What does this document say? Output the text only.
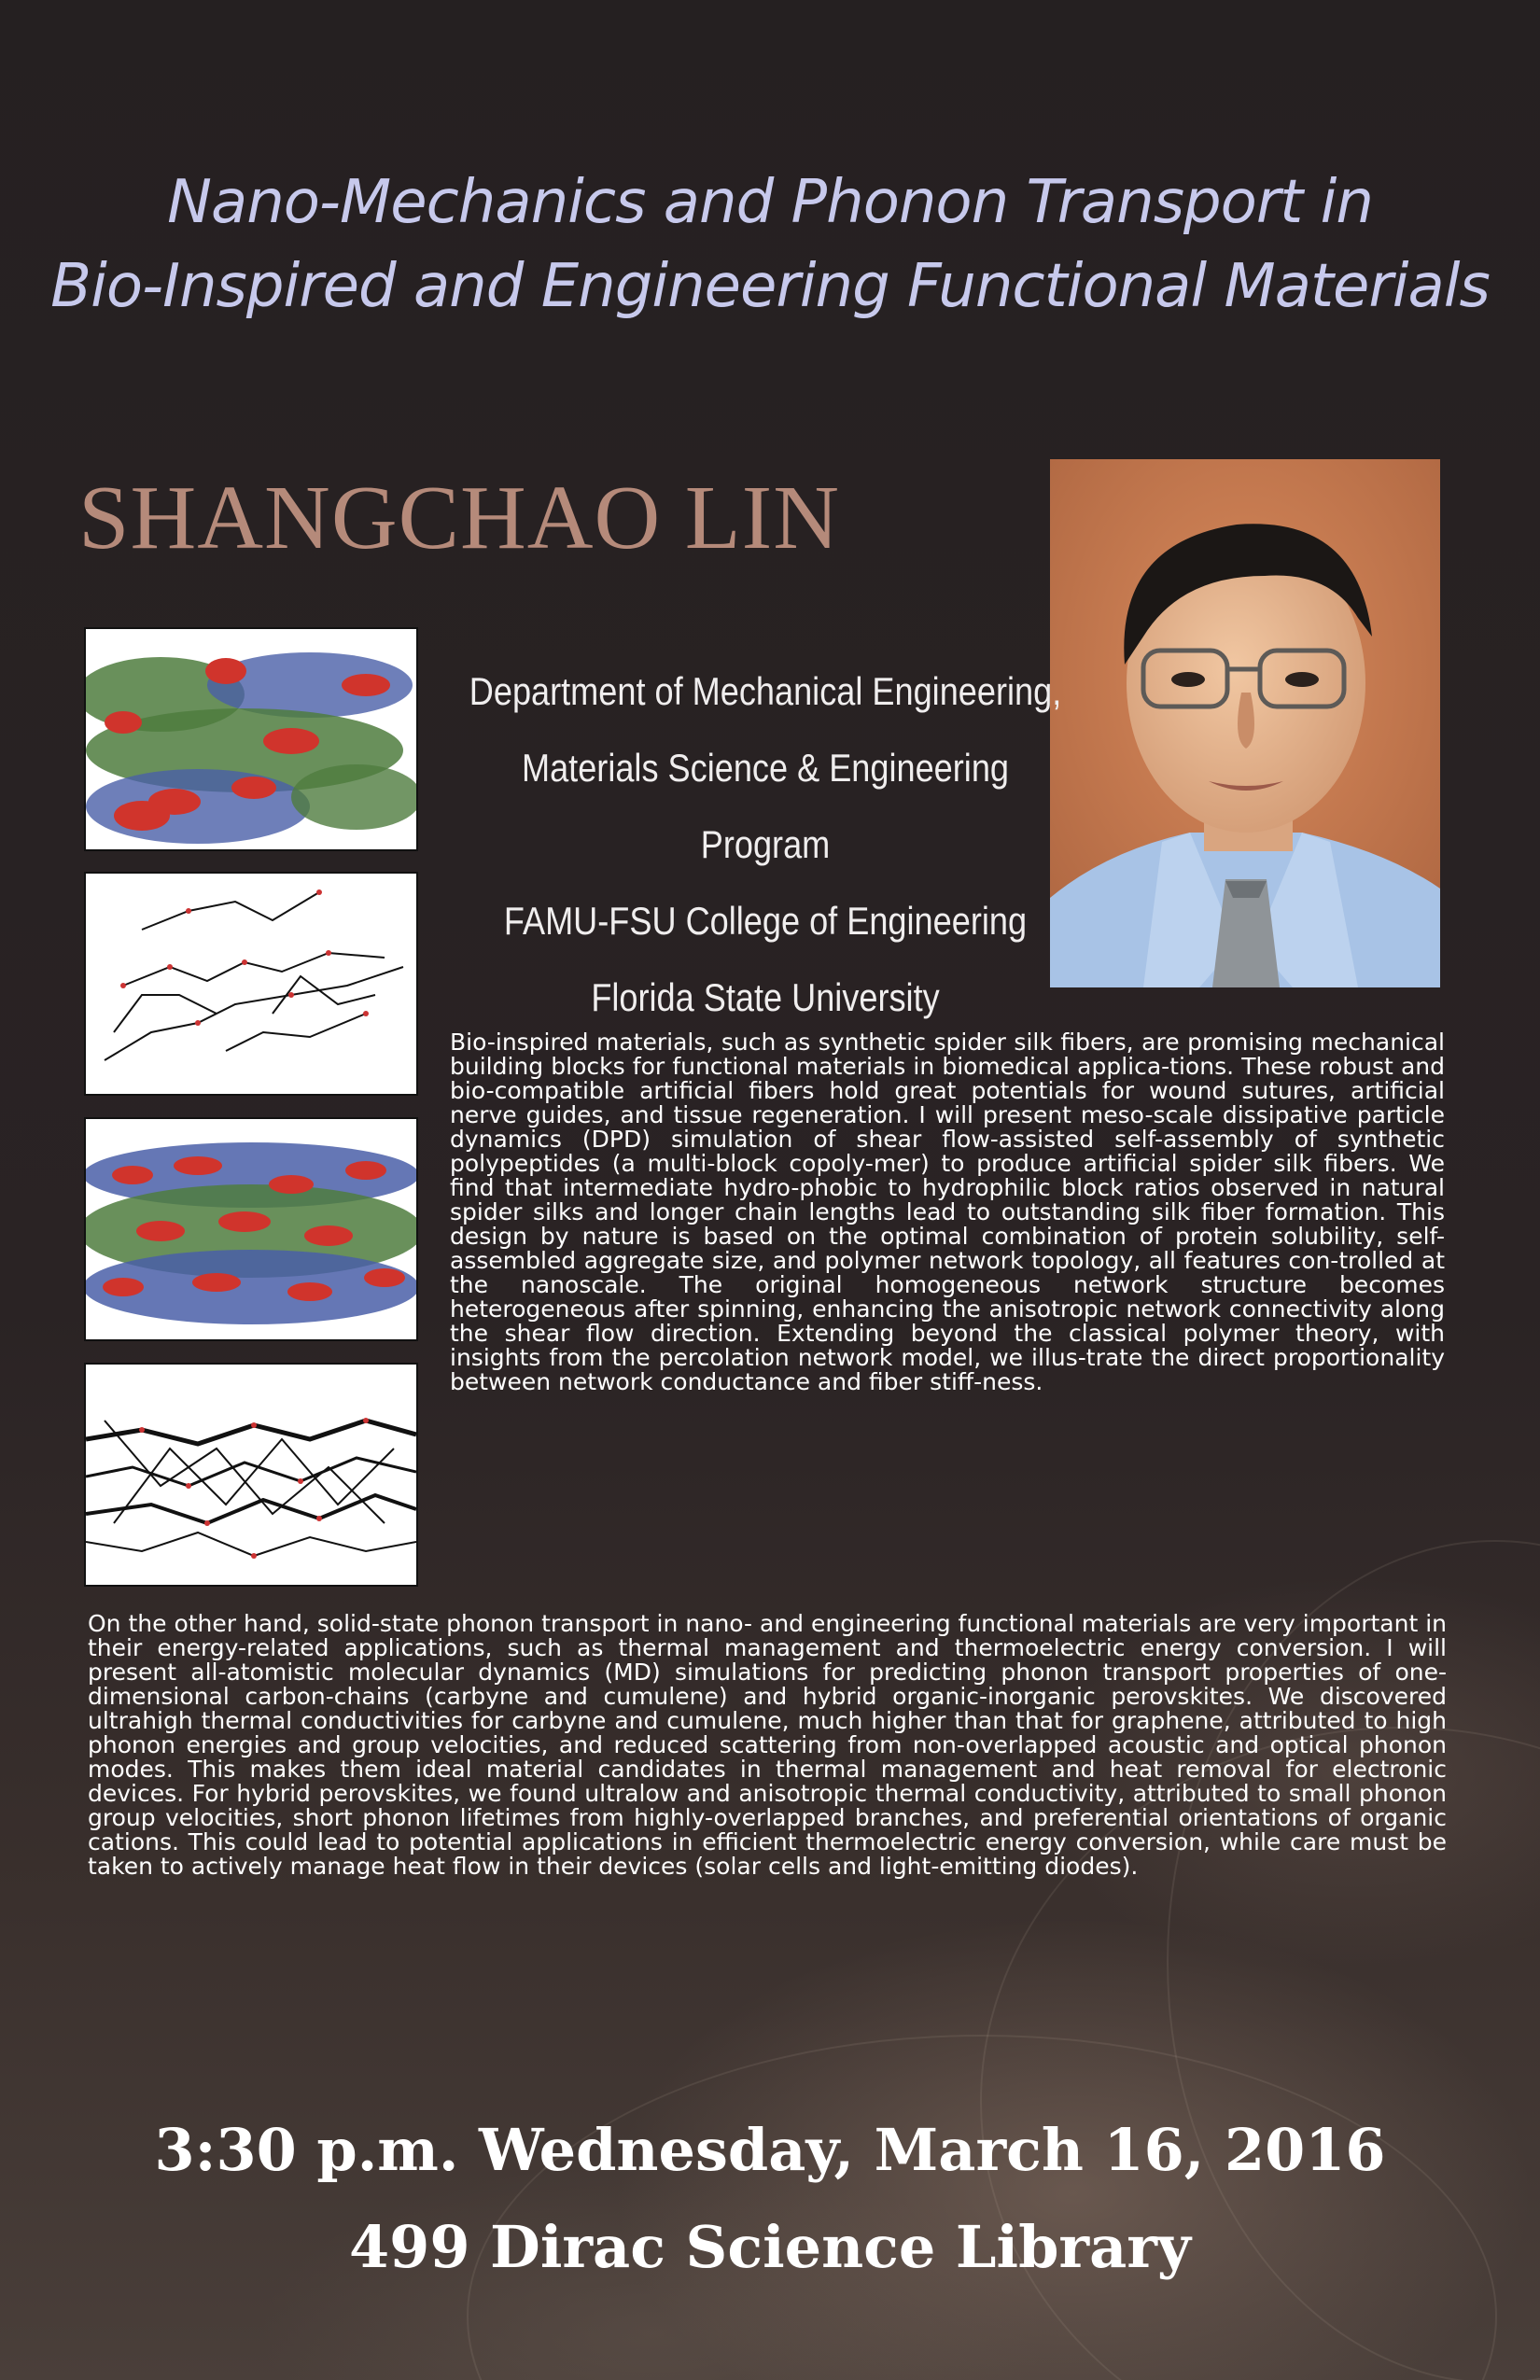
Nano-Mechanics and Phonon Transport in
Bio-Inspired and Engineering Functional Materials
SHANGCHAO LIN
Department of Mechanical Engineering,
Materials Science & Engineering Program
FAMU-FSU College of Engineering
Florida State University
Bio-inspired materials, such as synthetic spider silk fibers, are promising mechanical building blocks for functional materials in biomedical applica-tions. These robust and bio-compatible artificial fibers hold great potentials for wound sutures, artificial nerve guides, and tissue regeneration. I will present meso-scale dissipative particle dynamics (DPD) simulation of shear flow-assisted self-assembly of synthetic polypeptides (a multi-block copoly-mer) to produce artificial spider silk fibers. We find that intermediate hydro-phobic to hydrophilic block ratios observed in natural spider silks and longer chain lengths lead to outstanding silk fiber formation. This design by nature is based on the optimal combination of protein solubility, self-assembled aggregate size, and polymer network topology, all features con-trolled at the nanoscale. The original homogeneous network structure becomes heterogeneous after spinning, enhancing the anisotropic network connectivity along the shear flow direction. Extending beyond the classical polymer theory, with insights from the percolation network model, we illus-trate the direct proportionality between network conductance and fiber stiff-ness.
On the other hand, solid-state phonon transport in nano- and engineering functional materials are very important in their energy-related applications, such as thermal management and thermoelectric energy conversion. I will present all-atomistic molecular dynamics (MD) simulations for predicting phonon transport properties of one-dimensional carbon-chains (carbyne and cumulene) and hybrid organic-inorganic perovskites. We discovered ultrahigh thermal conductivities for carbyne and cumulene, much higher than that for graphene, attributed to high phonon energies and group velocities, and reduced scattering from non-overlapped acoustic and optical phonon modes. This makes them ideal material candidates in thermal management and heat removal for electronic devices. For hybrid perovskites, we found ultralow and anisotropic thermal conductivity, attributed to small phonon group velocities, short phonon lifetimes from highly-overlapped branches, and preferential orientations of organic cations. This could lead to potential applications in efficient thermoelectric energy conversion, while care must be taken to actively manage heat flow in their devices (solar cells and light-emitting diodes).
3:30 p.m. Wednesday, March 16, 2016
499 Dirac Science Library
